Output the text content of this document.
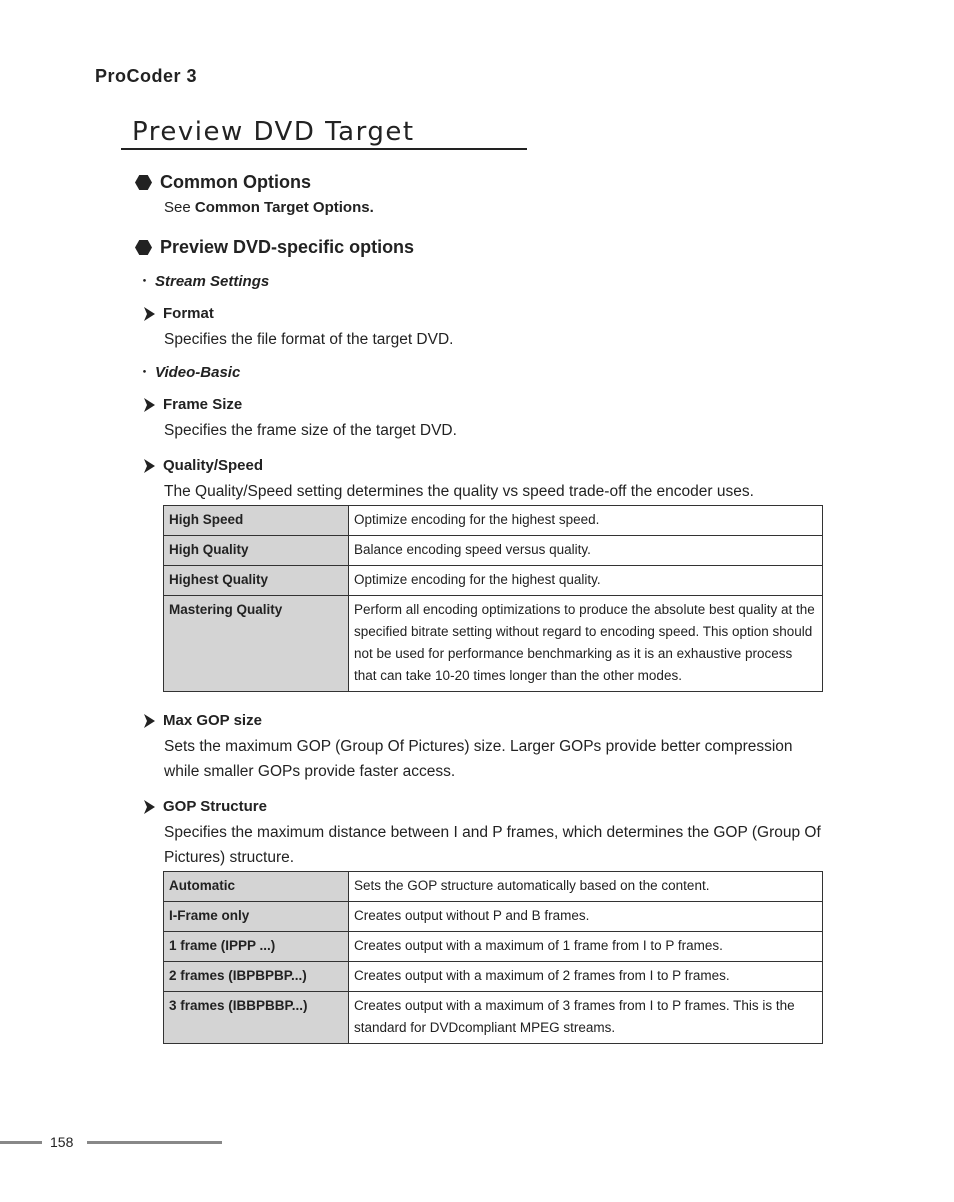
ProCoder 3
Preview DVD Target
Common Options
See Common Target Options.
Preview DVD-specific options
・ Stream Settings
Format
Specifies the file format of the target DVD.
・ Video-Basic
Frame Size
Specifies the frame size of the target DVD.
Quality/Speed
The Quality/Speed setting determines the quality vs speed trade-off the encoder uses.
High Speed	Optimize encoding for the highest speed.
High Quality	Balance encoding speed versus quality.
Highest Quality	Optimize encoding for the highest quality.
Mastering Quality	Perform all encoding optimizations to produce the absolute best quality at the specified bitrate setting without regard to encoding speed. This option should not be used for performance benchmarking as it is an exhaustive process that can take 10-20 times longer than the other modes.
Max GOP size
Sets the maximum GOP (Group Of Pictures) size. Larger GOPs provide better compression while smaller GOPs provide faster access.
GOP Structure
Specifies the maximum distance between I and P frames, which determines the GOP (Group Of Pictures) structure.
Automatic	Sets the GOP structure automatically based on the content.
I-Frame only	Creates output without P and B frames.
1 frame (IPPP ...)	Creates output with a maximum of 1 frame from I to P frames.
2 frames (IBPBPBP...)	Creates output with a maximum of 2 frames from I to P frames.
3 frames (IBBPBBP...)	Creates output with a maximum of 3 frames from I to P frames. This is the standard for DVDcompliant MPEG streams.
158
